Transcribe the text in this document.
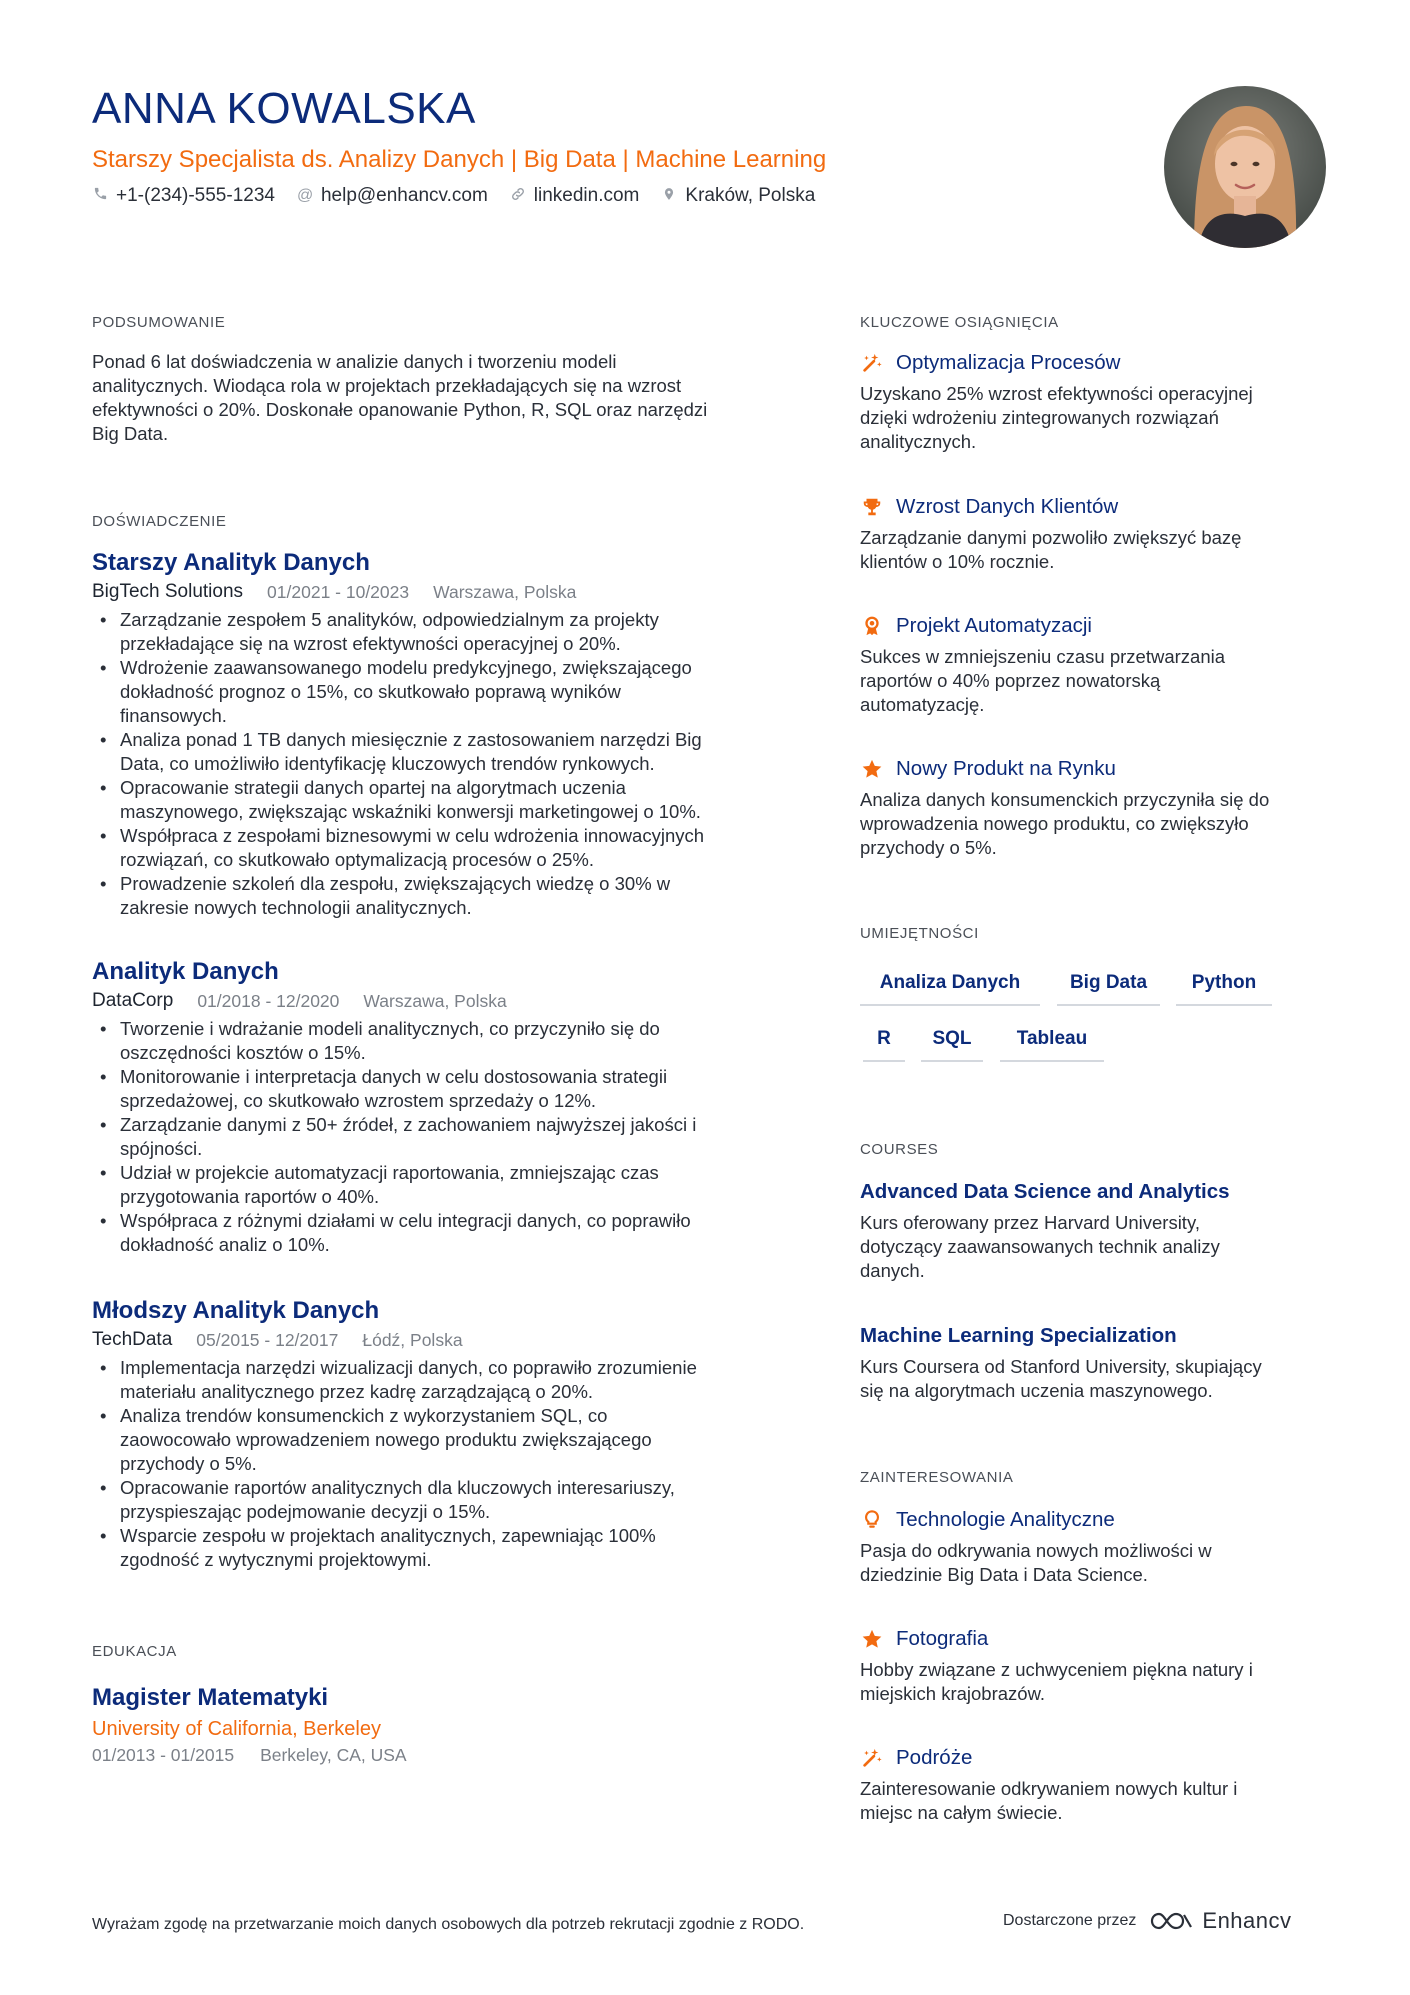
ANNA KOWALSKA

Starszy Specjalista ds. Analizy Danych | Big Data | Machine Learning

+1-(234)-555-1234 @ help@enhancv.com linkedin.com Kraków, Polska
PODSUMOWANIE
Ponad 6 lat doświadczenia w analizie danych i tworzeniu modeli
analitycznych. Wiodąca rola w projektach przekładających się na wzrost
efektywności o 20%. Doskonałe opanowanie Python, R, SQL oraz narzędzi
Big Data.
DOŚWIADCZENIE
Starszy Analityk Danych
BigTech Solutions 01/2021 - 10/2023 Warszawa, Polska
• Zarządzanie zespołem 5 analityków, odpowiedzialnym za projekty
przekładające się na wzrost efektywności operacyjnej o 20%.
• Wdrożenie zaawansowanego modelu predykcyjnego, zwiększającego
dokładność prognoz o 15%, co skutkowało poprawą wyników
finansowych.
• Analiza ponad 1 TB danych miesięcznie z zastosowaniem narzędzi Big
Data, co umożliwiło identyfikację kluczowych trendów rynkowych.
• Opracowanie strategii danych opartej na algorytmach uczenia
maszynowego, zwiększając wskaźniki konwersji marketingowej o 10%.
• Współpraca z zespołami biznesowymi w celu wdrożenia innowacyjnych
rozwiązań, co skutkowało optymalizacją procesów o 25%.
• Prowadzenie szkoleń dla zespołu, zwiększających wiedzę o 30% w
zakresie nowych technologii analitycznych.
Analityk Danych
DataCorp 01/2018 - 12/2020 Warszawa, Polska
• Tworzenie i wdrażanie modeli analitycznych, co przyczyniło się do
oszczędności kosztów o 15%.
• Monitorowanie i interpretacja danych w celu dostosowania strategii
sprzedażowej, co skutkowało wzrostem sprzedaży o 12%.
• Zarządzanie danymi z 50+ źródeł, z zachowaniem najwyższej jakości i
spójności.
• Udział w projekcie automatyzacji raportowania, zmniejszając czas
przygotowania raportów o 40%.
• Współpraca z różnymi działami w celu integracji danych, co poprawiło
dokładność analiz o 10%.
Młodszy Analityk Danych
TechData 05/2015 - 12/2017 Łódź, Polska
• Implementacja narzędzi wizualizacji danych, co poprawiło zrozumienie
materiału analitycznego przez kadrę zarządzającą o 20%.
• Analiza trendów konsumenckich z wykorzystaniem SQL, co
zaowocowało wprowadzeniem nowego produktu zwiększającego
przychody o 5%.
• Opracowanie raportów analitycznych dla kluczowych interesariuszy,
przyspieszając podejmowanie decyzji o 15%.
• Wsparcie zespołu w projektach analitycznych, zapewniając 100%
zgodność z wytycznymi projektowymi.
EDUKACJA
Magister Matematyki

University of California, Berkeley

01/2013 - 01/2015 Berkeley, CA, USA
KLUCZOWE OSIĄGNIĘCIA
Optymalizacja Procesów
Uzyskano 25% wzrost efektywności operacyjnej
dzięki wdrożeniu zintegrowanych rozwiązań
analitycznych.
Wzrost Danych Klientów
Zarządzanie danymi pozwoliło zwiększyć bazę
klientów o 10% rocznie.
Projekt Automatyzacji
Sukces w zmniejszeniu czasu przetwarzania
raportów o 40% poprzez nowatorską
automatyzację.
Nowy Produkt na Rynku
Analiza danych konsumenckich przyczyniła się do
wprowadzenia nowego produktu, co zwiększyło
przychody o 5%.
UMIEJĘTNOŚCI
Analiza Danych	Big Data	Python
R	SQL	Tableau
COURSES
Advanced Data Science and Analytics
Kurs oferowany przez Harvard University,
dotyczący zaawansowanych technik analizy
danych.
Machine Learning Specialization
Kurs Coursera od Stanford University, skupiający
się na algorytmach uczenia maszynowego.
ZAINTERESOWANIA
Technologie Analityczne
Pasja do odkrywania nowych możliwości w
dziedzinie Big Data i Data Science.
Fotografia
Hobby związane z uchwyceniem piękna natury i
miejskich krajobrazów.
Podróże
Zainteresowanie odkrywaniem nowych kultur i
miejsc na całym świecie.
Wyrażam zgodę na przetwarzanie moich danych osobowych dla potrzeb rekrutacji zgodnie z RODO.	Dostarczone przez	Enhancv
